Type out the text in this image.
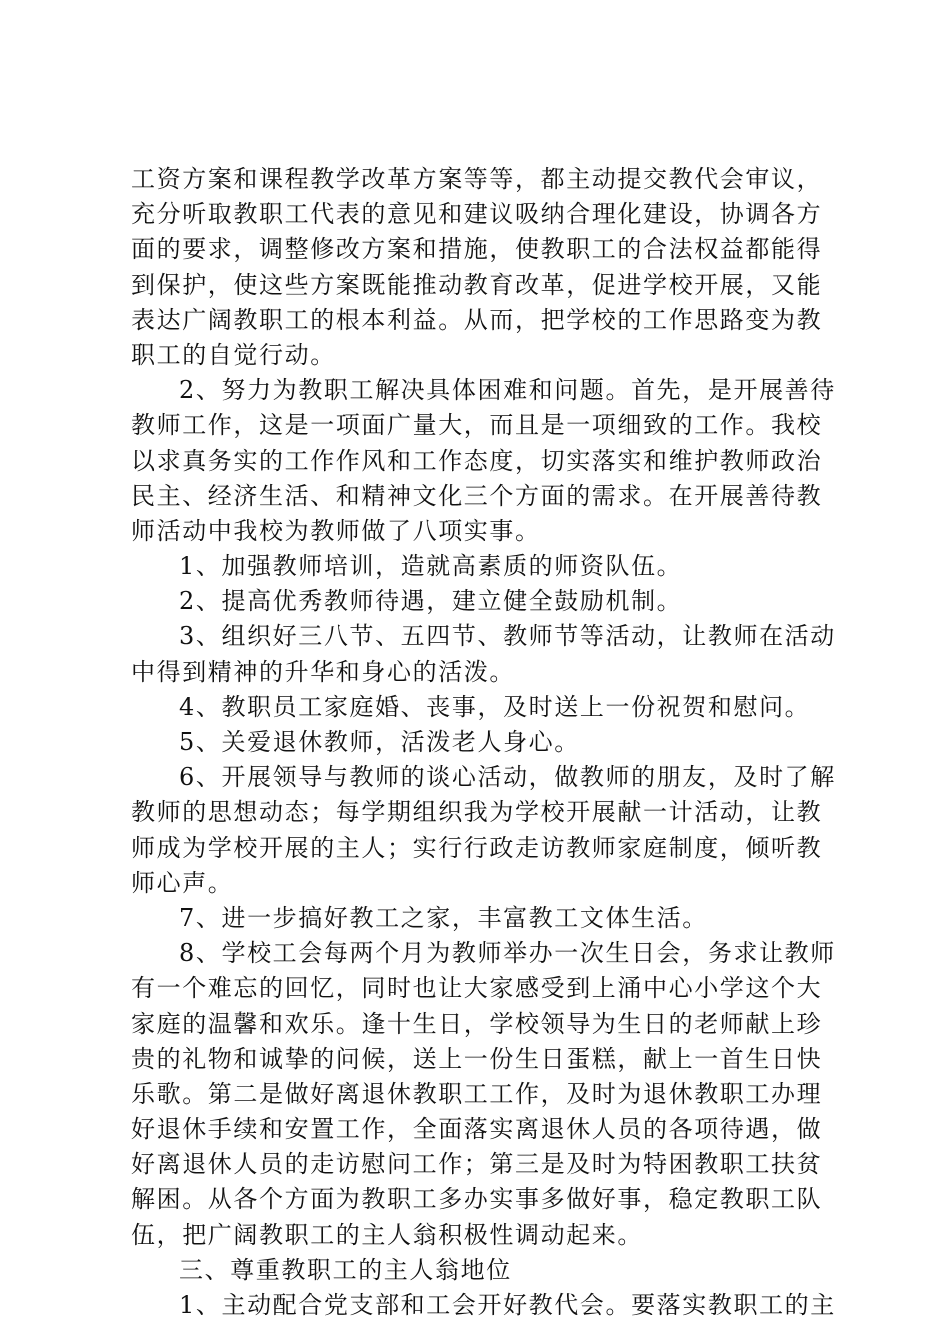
工资方案和课程教学改革方案等等，都主动提交教代会审议，
充分听取教职工代表的意见和建议吸纳合理化建设，协调各方
面的要求，调整修改方案和措施，使教职工的合法权益都能得
到保护，使这些方案既能推动教育改革，促进学校开展，又能
表达广阔教职工的根本利益。从而，把学校的工作思路变为教
职工的自觉行动。
2、努力为教职工解决具体困难和问题。首先，是开展善待
教师工作，这是一项面广量大，而且是一项细致的工作。我校
以求真务实的工作作风和工作态度，切实落实和维护教师政治
民主、经济生活、和精神文化三个方面的需求。在开展善待教
师活动中我校为教师做了八项实事。
1、加强教师培训，造就高素质的师资队伍。
2、提高优秀教师待遇，建立健全鼓励机制。
3、组织好三八节、五四节、教师节等活动，让教师在活动
中得到精神的升华和身心的活泼。
4、教职员工家庭婚、丧事，及时送上一份祝贺和慰问。
5、关爱退休教师，活泼老人身心。
6、开展领导与教师的谈心活动，做教师的朋友，及时了解
教师的思想动态；每学期组织我为学校开展献一计活动，让教
师成为学校开展的主人；实行行政走访教师家庭制度，倾听教
师心声。
7、进一步搞好教工之家，丰富教工文体生活。
8、学校工会每两个月为教师举办一次生日会，务求让教师
有一个难忘的回忆，同时也让大家感受到上涌中心小学这个大
家庭的温馨和欢乐。逢十生日，学校领导为生日的老师献上珍
贵的礼物和诚挚的问候，送上一份生日蛋糕，献上一首生日快
乐歌。第二是做好离退休教职工工作，及时为退休教职工办理
好退休手续和安置工作，全面落实离退休人员的各项待遇，做
好离退休人员的走访慰问工作；第三是及时为特困教职工扶贫
解困。从各个方面为教职工多办实事多做好事，稳定教职工队
伍，把广阔教职工的主人翁积极性调动起来。
三、尊重教职工的主人翁地位
1、主动配合党支部和工会开好教代会。要落实教职工的主
